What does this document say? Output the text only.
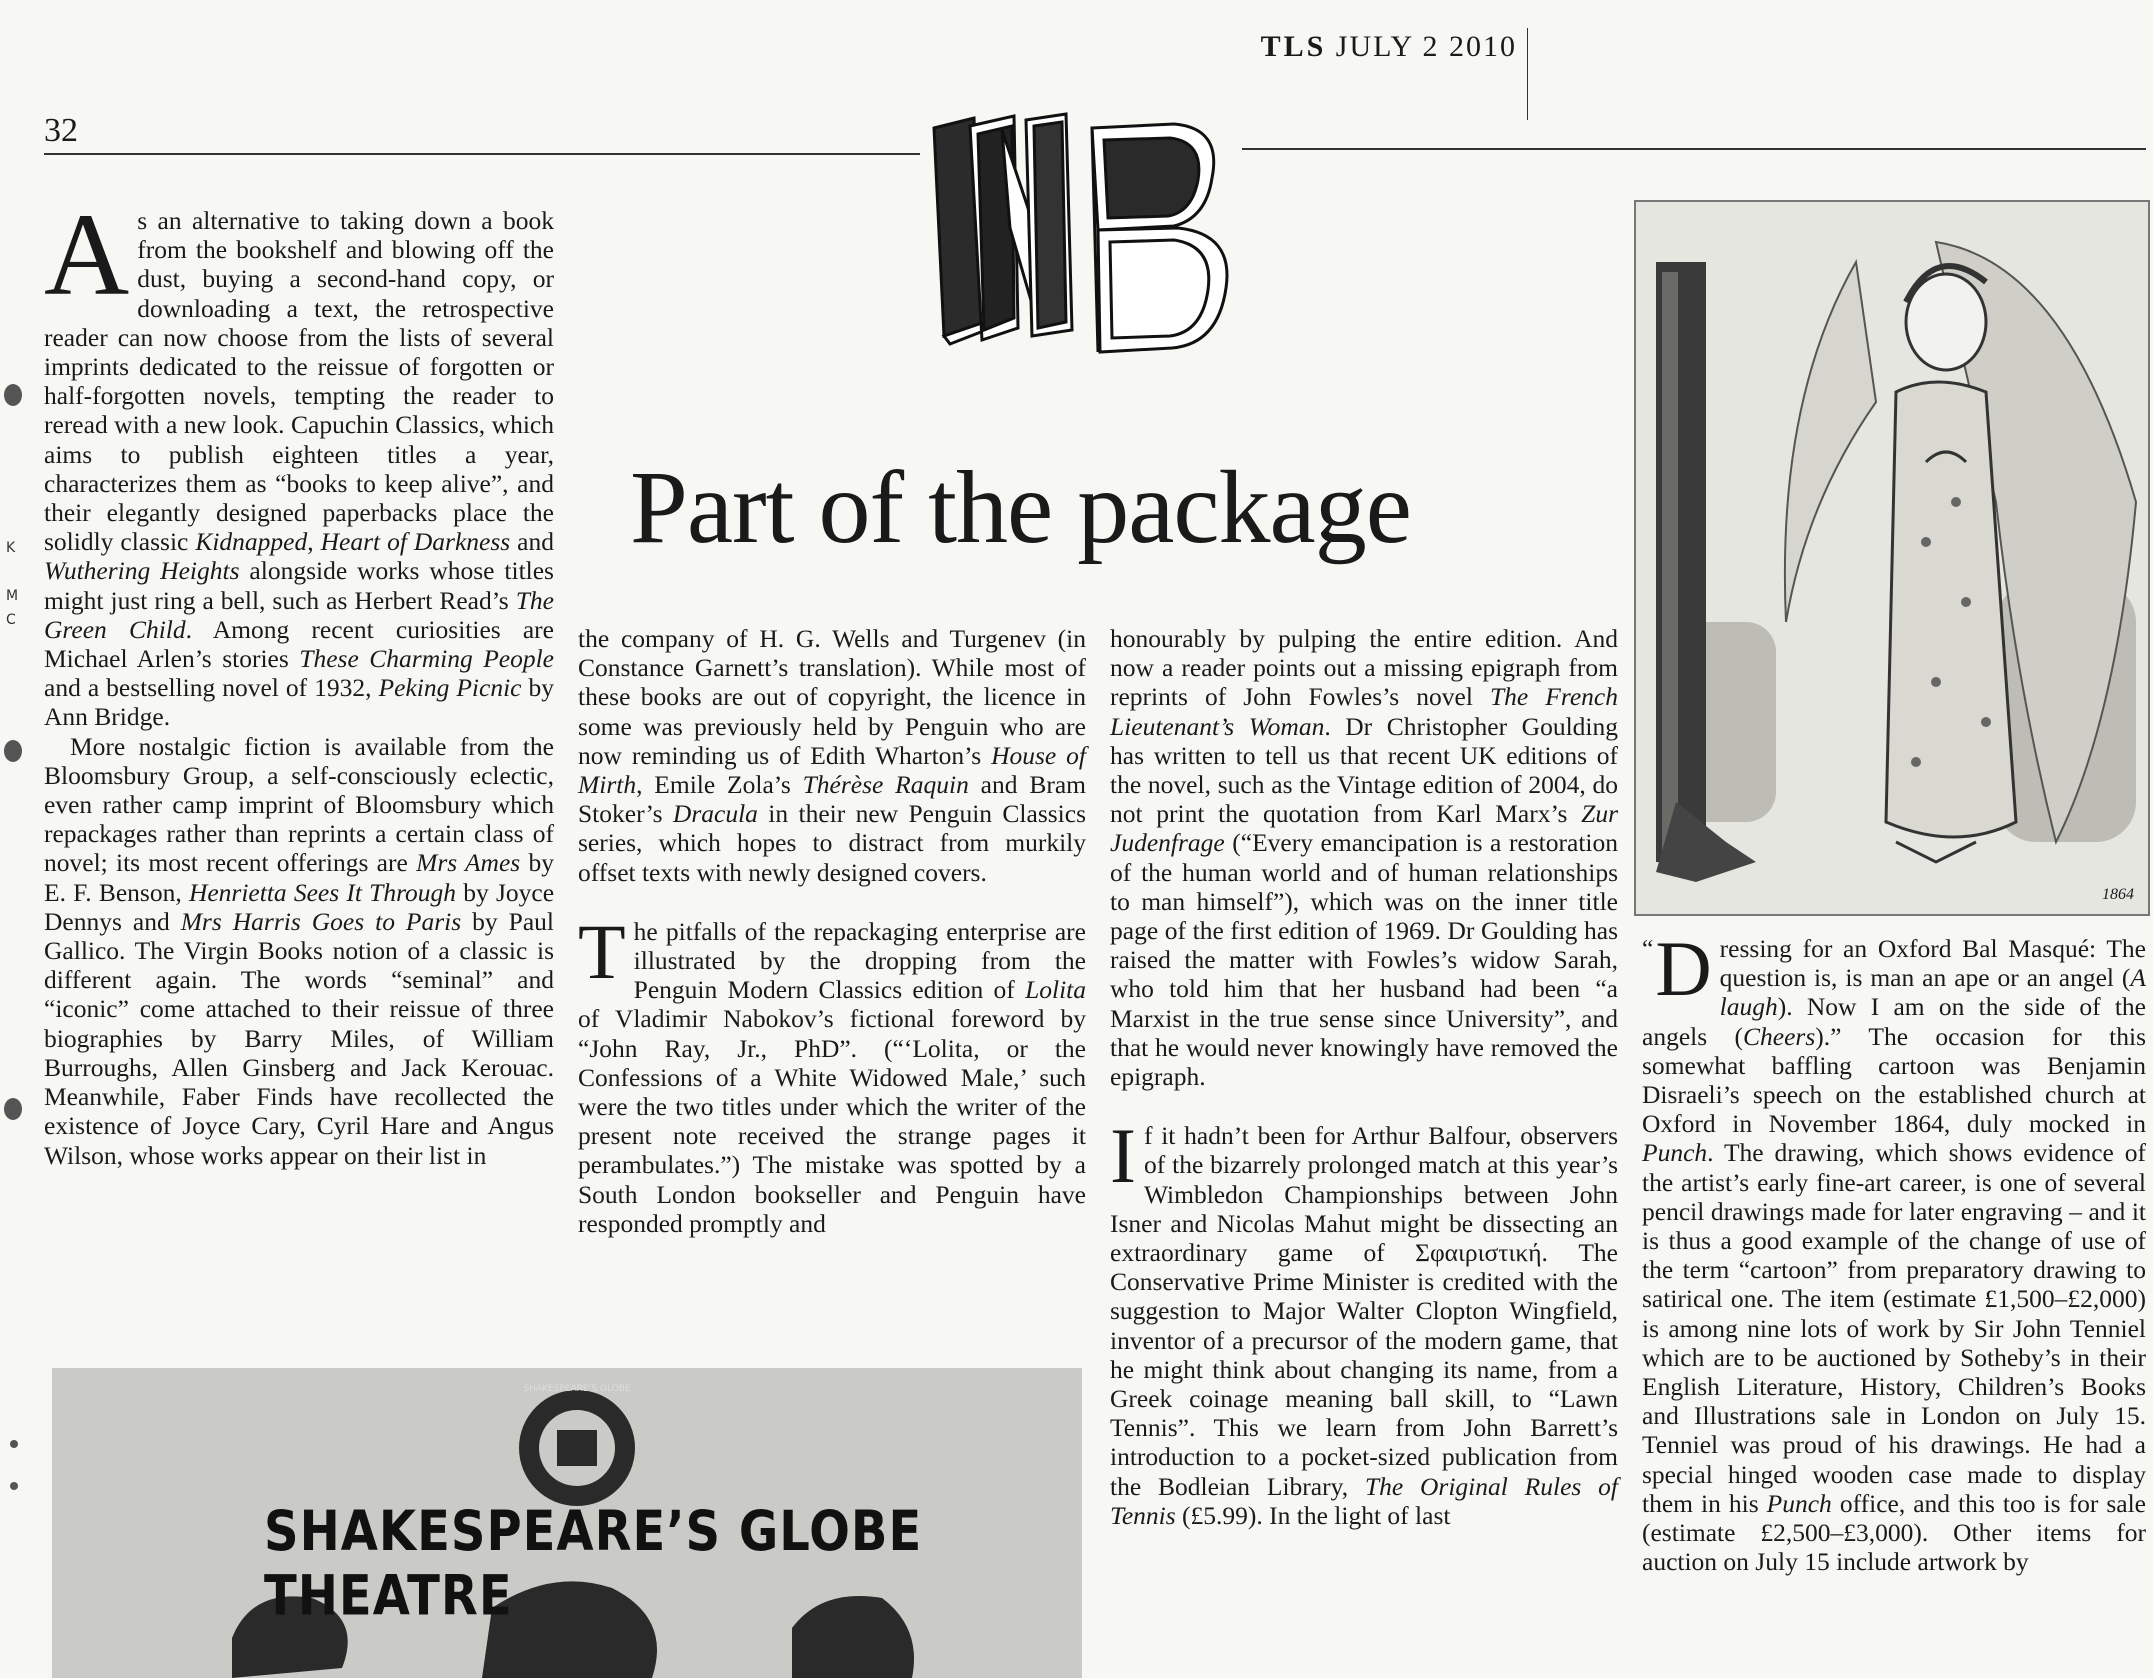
TLS JULY 2 2010
32
K
M
C
Part of the package

As an alternative to taking down a book from the bookshelf and blowing off the dust, buying a second-hand copy, or downloading a text, the retrospective reader can now choose from the lists of several imprints dedicated to the reissue of forgotten or half-forgotten novels, tempting the reader to reread with a new look. Capuchin Classics, which aims to publish eighteen titles a year, characterizes them as “books to keep alive”, and their elegantly designed paperbacks place the solidly classic Kidnapped, Heart of Darkness and Wuthering Heights alongside works whose titles might just ring a bell, such as Herbert Read’s The Green Child. Among recent curiosities are Michael Arlen’s stories These Charming People and a bestselling novel of 1932, Peking Picnic by Ann Bridge.

More nostalgic fiction is available from the Bloomsbury Group, a self-consciously eclectic, even rather camp imprint of Bloomsbury which repackages rather than reprints a certain class of novel; its most recent offerings are Mrs Ames by E. F. Benson, Henrietta Sees It Through by Joyce Dennys and Mrs Harris Goes to Paris by Paul Gallico. The Virgin Books notion of a classic is different again. The words “seminal” and “iconic” come attached to their reissue of three biographies by Barry Miles, of William Burroughs, Allen Ginsberg and Jack Kerouac. Meanwhile, Faber Finds have recollected the existence of Joyce Cary, Cyril Hare and Angus Wilson, whose works appear on their list in

the company of H. G. Wells and Turgenev (in Constance Garnett’s translation). While most of these books are out of copyright, the licence in some was previously held by Penguin who are now reminding us of Edith Wharton’s House of Mirth, Emile Zola’s Thérèse Raquin and Bram Stoker’s Dracula in their new Penguin Classics series, which hopes to distract from murkily offset texts with newly designed covers.

The pitfalls of the repackaging enterprise are illustrated by the dropping from the Penguin Modern Classics edition of Lolita of Vladimir Nabokov’s fictional foreword by “John Ray, Jr., PhD”. (“‘Lolita, or the Confessions of a White Widowed Male,’ such were the two titles under which the writer of the present note received the strange pages it perambulates.”) The mistake was spotted by a South London bookseller and Penguin have responded promptly and

honourably by pulping the entire edition. And now a reader points out a missing epigraph from reprints of John Fowles’s novel The French Lieutenant’s Woman. Dr Christopher Goulding has written to tell us that recent UK editions of the novel, such as the Vintage edition of 2004, do not print the quotation from Karl Marx’s Zur Judenfrage (“Every emancipation is a restoration of the human world and of human relationships to man himself”), which was on the inner title page of the first edition of 1969. Dr Goulding has raised the matter with Fowles’s widow Sarah, who told him that her husband had been “a Marxist in the true sense since University”, and that he would never knowingly have removed the epigraph.

If it hadn’t been for Arthur Balfour, observers of the bizarrely prolonged match at this year’s Wimbledon Championships between John Isner and Nicolas Mahut might be dissecting an extraordinary game of Σφαιριστική. The Conservative Prime Minister is credited with the suggestion to Major Walter Clopton Wingfield, inventor of a precursor of the modern game, that he might think about changing its name, from a Greek coinage meaning ball skill, to “Lawn Tennis”. This we learn from John Barrett’s introduction to a pocket-sized publication from the Bodleian Library, The Original Rules of Tennis (£5.99). In the light of last

1864

“ D ressing for an Oxford Bal Masqué: The question is, is man an ape or an angel (A laugh). Now I am on the side of the angels (Cheers).” The occasion for this somewhat baffling cartoon was Benjamin Disraeli’s speech on the established church at Oxford in November 1864, duly mocked in Punch. The drawing, which shows evidence of the artist’s early fine-art career, is one of several pencil drawings made for later engraving – and it is thus a good example of the change of use of the term “cartoon” from preparatory drawing to satirical one. The item (estimate £1,500–£2,000) is among nine lots of work by Sir John Tenniel which are to be auctioned by Sotheby’s in their English Literature, History, Children’s Books and Illustrations sale in London on July 15. Tenniel was proud of his drawings. He had a special hinged wooden case made to display them in his Punch office, and this too is for sale (estimate £2,500–£3,000). Other items for auction on July 15 include artwork by

SHAKESPEARE’S GLOBE
SHAKESPEARE’S GLOBE THEATRE
